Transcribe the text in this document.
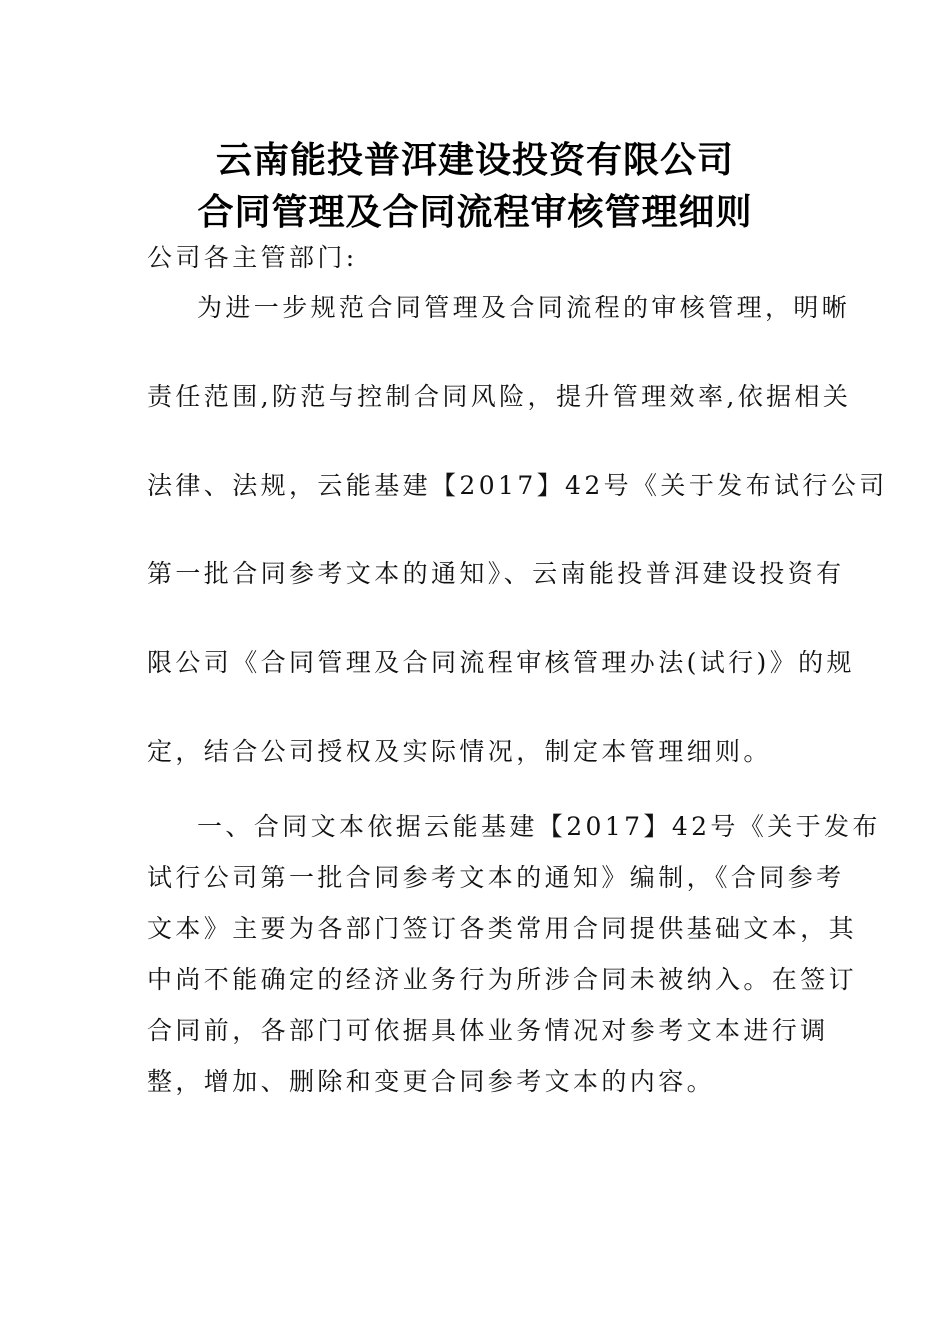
云南能投普洱建设投资有限公司
合同管理及合同流程审核管理细则
公司各主管部门:
为进一步规范合同管理及合同流程的审核管理，明晰
责任范围,防范与控制合同风险，提升管理效率,依据相关
法律、法规，云能基建【2017】42号《关于发布试行公司
第一批合同参考文本的通知》、云南能投普洱建设投资有
限公司《合同管理及合同流程审核管理办法(试行)》的规
定，结合公司授权及实际情况，制定本管理细则。
一、合同文本依据云能基建【2017】42号《关于发布
试行公司第一批合同参考文本的通知》编制，《合同参考
文本》主要为各部门签订各类常用合同提供基础文本，其
中尚不能确定的经济业务行为所涉合同未被纳入。在签订
合同前，各部门可依据具体业务情况对参考文本进行调
整，增加、删除和变更合同参考文本的内容。
